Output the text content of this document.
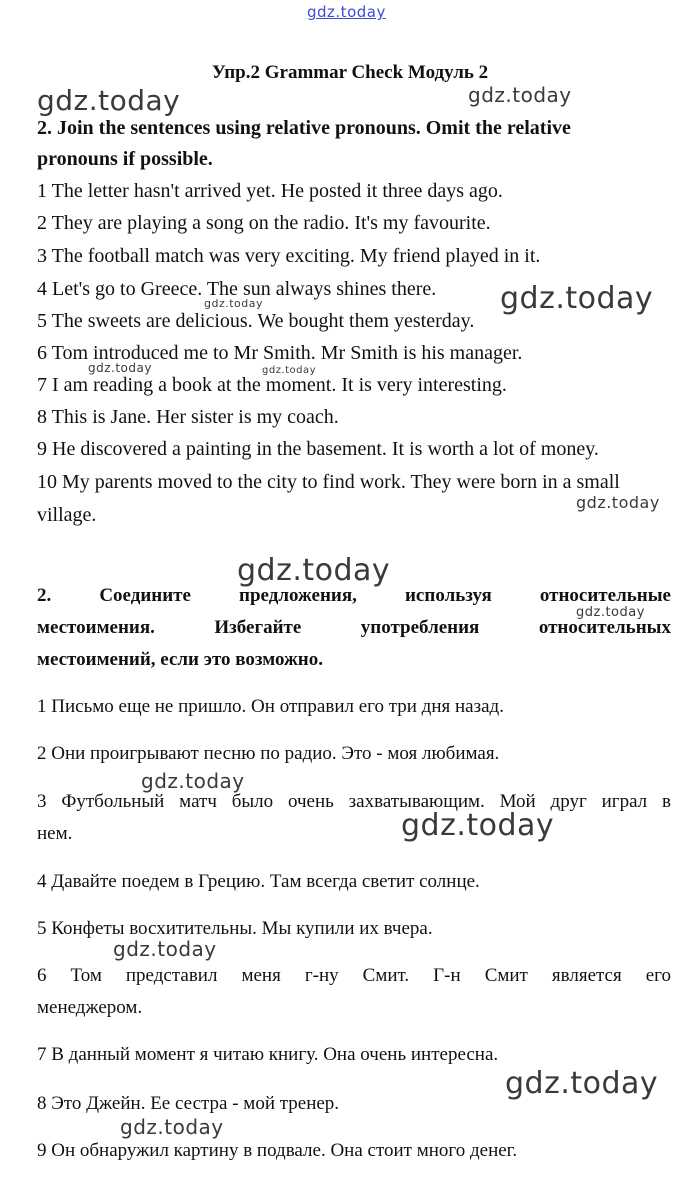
Упр.2 Grammar Check Модуль 2

2. Join the sentences using relative pronouns. Omit the relative

pronouns if possible.

1 The letter hasn't arrived yet. He posted it three days ago.

2 They are playing a song on the radio. It's my favourite.

3 The football match was very exciting. My friend played in it.

4 Let's go to Greece. The sun always shines there.

5 The sweets are delicious. We bought them yesterday.

6 Tom introduced me to Mr Smith. Mr Smith is his manager.

7 I am reading a book at the moment. It is very interesting.

8 This is Jane. Her sister is my coach.

9 He discovered a painting in the basement. It is worth a lot of money.

10 My parents moved to the city to find work. They were born in a small

village.

2. Соедините предложения, используя относительные

местоимения. Избегайте употребления относительных

местоимений, если это возможно.

1 Письмо еще не пришло. Он отправил его три дня назад.

2 Они проигрывают песню по радио. Это - моя любимая.

3 Футбольный матч было очень захватывающим. Мой друг играл в

нем.

4 Давайте поедем в Грецию. Там всегда светит солнце.

5 Конфеты восхитительны. Мы купили их вчера.

6 Том представил меня г-ну Смит. Г-н Смит является его

менеджером.

7 В данный момент я читаю книгу. Она очень интересна.

8 Это Джейн. Ее сестра - мой тренер.

9 Он обнаружил картину в подвале. Она стоит много денег.

gdz.today
gdz.today	gdz.today
gdz.today
gdz.today
gdz.today	gdz.today
gdz.today
gdz.today
gdz.today
gdz.today
gdz.today
gdz.today
gdz.today
gdz.today
